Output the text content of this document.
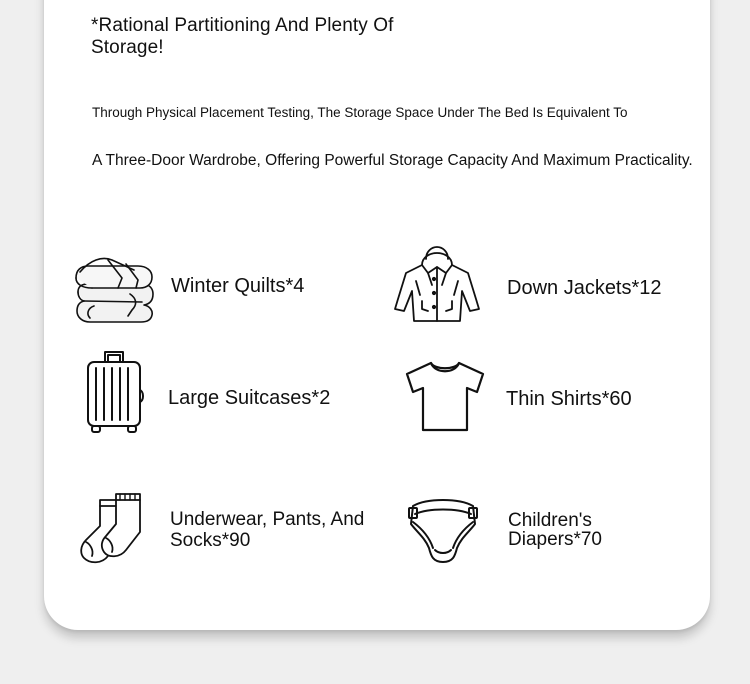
*Rational Partitioning And Plenty Of Storage!

Through Physical Placement Testing, The Storage Space Under The Bed Is Equivalent To

A Three-Door Wardrobe, Offering Powerful Storage Capacity And Maximum Practicality.

Winter Quilts*4	Down Jackets*12

Large Suitcases*2	Thin Shirts*60

Underwear, Pants, And Socks*90

Children's Diapers*70
